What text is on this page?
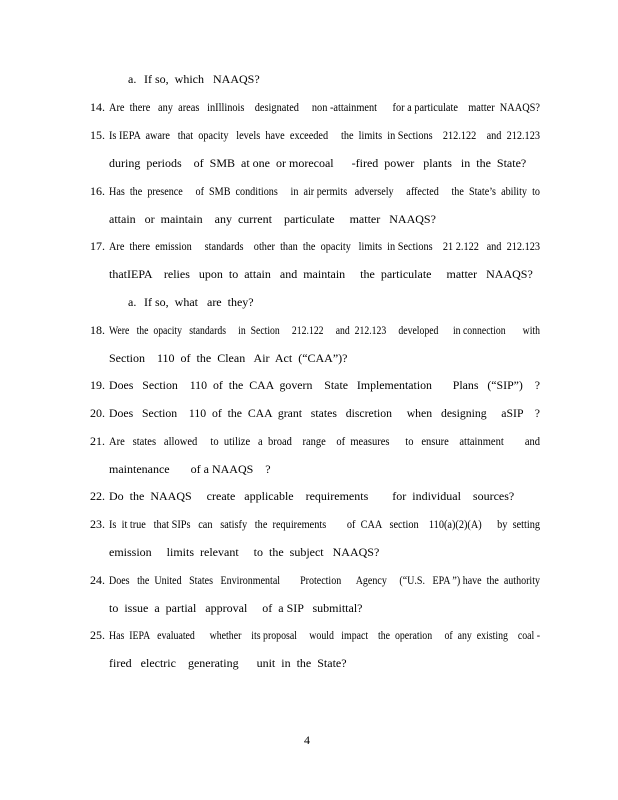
a. If so,  which   NAAQS?
14. Are  there   any  areas   inIllinois    designated     non -attainment      for a particulate    matter  NAAQS?
15. Is IEPA  aware   that  opacity   levels  have  exceeded     the  limits  in Sections    212.122    and  212.123
during  periods    of  SMB  at one  or morecoal      -fired  power   plants   in  the  State?
16. Has  the  presence     of  SMB  conditions     in  air permits   adversely     affected     the  State’s  ability  to
attain   or  maintain    any  current    particulate     matter   NAAQS?
17. Are  there  emission     standards    other  than  the  opacity   limits  in Sections    21 2.122   and  212.123
thatIEPA    relies   upon  to  attain   and  maintain     the  particulate     matter   NAAQS?
a. If so,  what   are  they?
18. Were   the  opacity   standards     in  Section     212.122     and  212.123     developed      in connection       with
Section    110  of  the  Clean   Air  Act  (“CAA”)?
19. Does   Section    110  of  the  CAA  govern    State   Implementation       Plans   (“SIP”)    ?
20. Does   Section    110  of  the  CAA  grant   states   discretion     when   designing     aSIP    ?
21. Are   states   allowed     to  utilize   a  broad    range    of  measures      to   ensure    attainment        and
maintenance       of a NAAQS    ?
22. Do  the  NAAQS     create   applicable    requirements        for  individual    sources?
23. Is  it true   that SIPs   can   satisfy   the  requirements        of  CAA   section    110(a)(2)(A)      by  setting
emission     limits  relevant     to  the  subject   NAAQS?
24. Does   the  United   States   Environmental        Protection      Agency     (“U.S.   EPA ”) have  the  authority
to  issue  a  partial   approval     of  a SIP   submittal?
25. Has  IEPA   evaluated      whether    its proposal     would   impact    the  operation     of  any  existing    coal -
fired   electric    generating      unit  in  the  State?
4
